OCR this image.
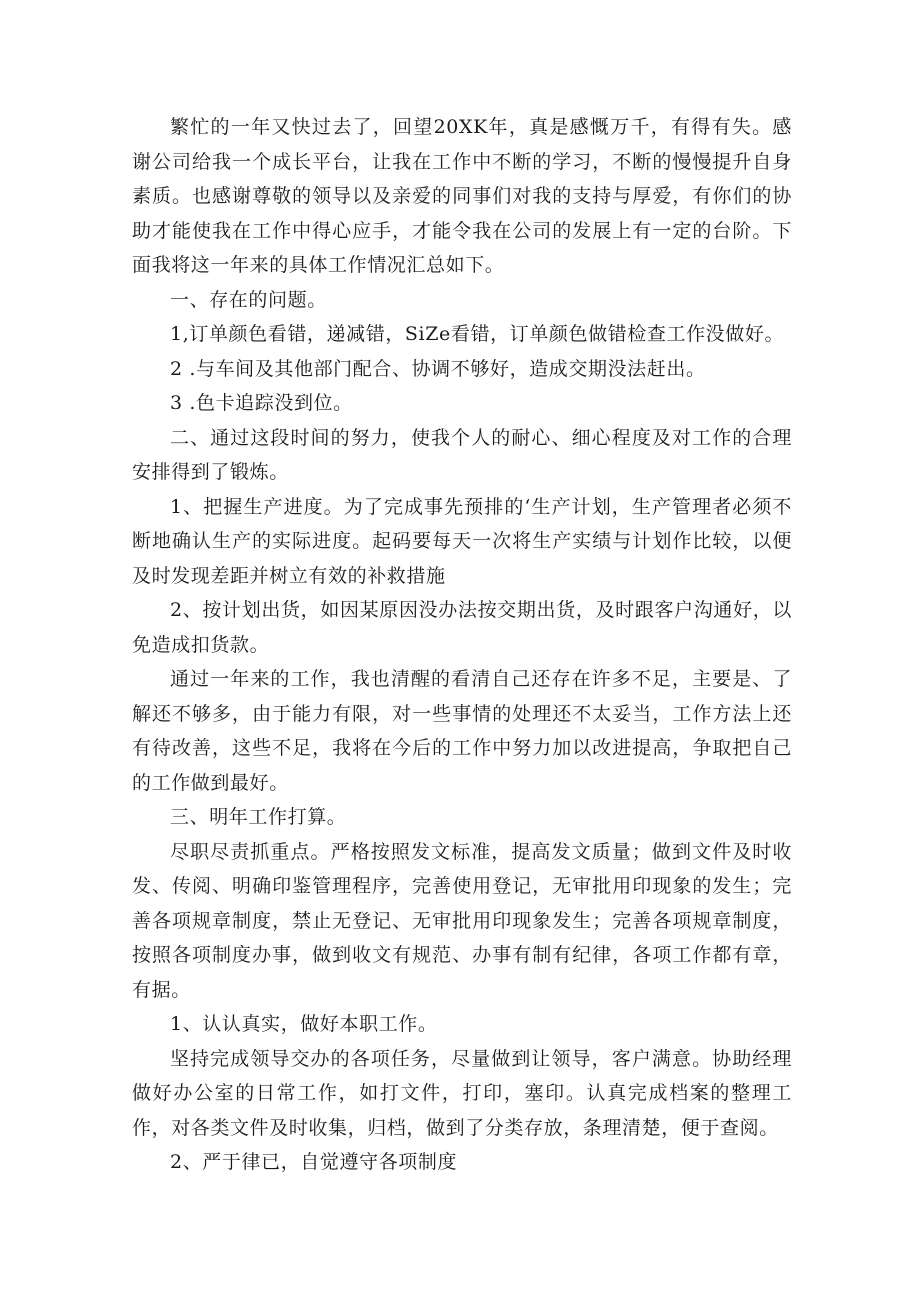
繁忙的一年又快过去了，回望20XK年，真是感慨万千，有得有失。感谢公司给我一个成长平台，让我在工作中不断的学习，不断的慢慢提升自身素质。也感谢尊敬的领导以及亲爱的同事们对我的支持与厚爱，有你们的协助才能使我在工作中得心应手，才能令我在公司的发展上有一定的台阶。下面我将这一年来的具体工作情况汇总如下。

一、存在的问题。

1,订单颜色看错，递减错，SiZe看错，订单颜色做错检查工作没做好。

2 .与车间及其他部门配合、协调不够好，造成交期没法赶出。

3 .色卡追踪没到位。

二、通过这段时间的努力，使我个人的耐心、细心程度及对工作的合理安排得到了锻炼。

1、把握生产进度。为了完成事先预排的‘生产计划，生产管理者必须不断地确认生产的实际进度。起码要每天一次将生产实绩与计划作比较，以便及时发现差距并树立有效的补救措施

2、按计划出货，如因某原因没办法按交期出货，及时跟客户沟通好，以免造成扣货款。

通过一年来的工作，我也清醒的看清自己还存在许多不足，主要是、了解还不够多，由于能力有限，对一些事情的处理还不太妥当，工作方法上还有待改善，这些不足，我将在今后的工作中努力加以改进提高，争取把自己的工作做到最好。

三、明年工作打算。

尽职尽责抓重点。严格按照发文标准，提高发文质量；做到文件及时收发、传阅、明确印鉴管理程序，完善使用登记，无审批用印现象的发生；完善各项规章制度，禁止无登记、无审批用印现象发生；完善各项规章制度，按照各项制度办事，做到收文有规范、办事有制有纪律，各项工作都有章，有据。

1、认认真实，做好本职工作。

坚持完成领导交办的各项任务，尽量做到让领导，客户满意。协助经理做好办公室的日常工作，如打文件，打印，塞印。认真完成档案的整理工作，对各类文件及时收集，归档，做到了分类存放，条理清楚，便于查阅。

2、严于律已，自觉遵守各项制度
